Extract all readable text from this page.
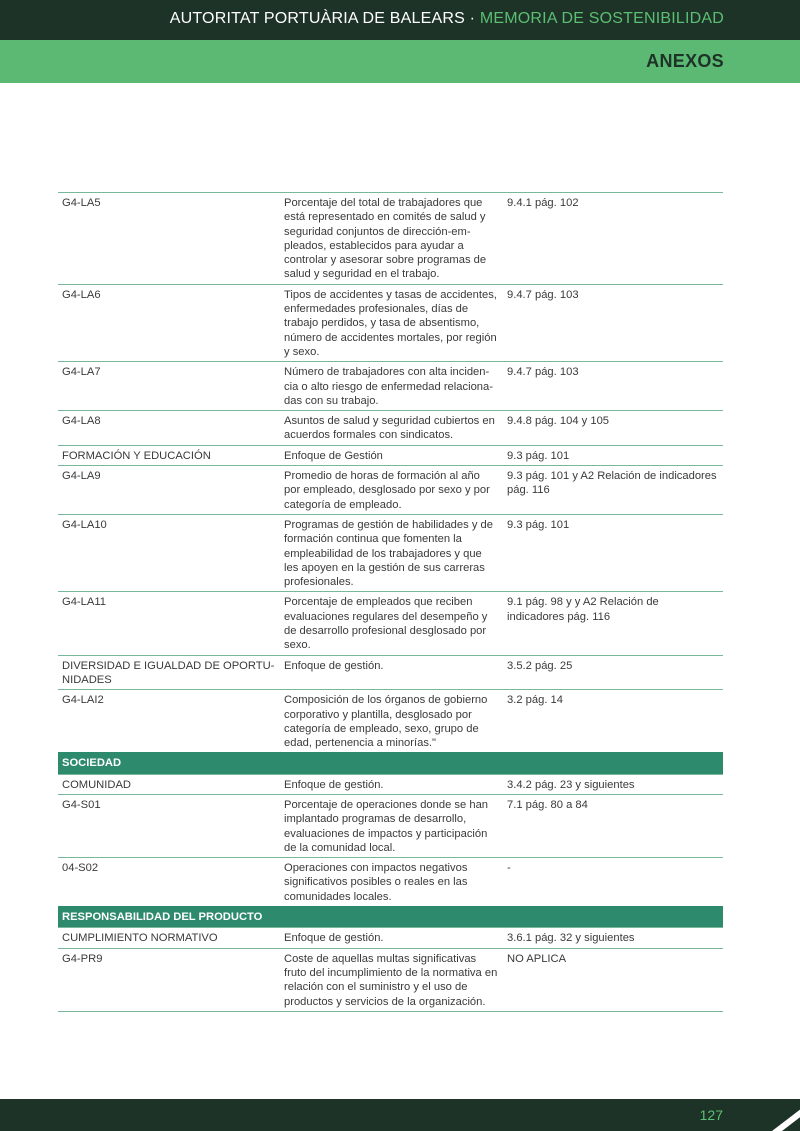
AUTORITAT PORTUÀRIA DE BALEARS · MEMORIA DE SOSTENIBILIDAD
ANEXOS
G4-LA5	Porcentaje del total de trabajadores que está representado en comités de salud y seguridad conjuntos de dirección-empleados, establecidos para ayudar a controlar y asesorar sobre programas de salud y seguridad en el trabajo.	9.4.1 pág. 102
G4-LA6	Tipos de accidentes y tasas de accidentes, enfermedades profesionales, días de trabajo perdidos, y tasa de absentismo, número de accidentes mortales, por región y sexo.	9.4.7 pág. 103
G4-LA7	Número de trabajadores con alta incidencia o alto riesgo de enfermedad relacionadas con su trabajo.	9.4.7 pág. 103
G4-LA8	Asuntos de salud y seguridad cubiertos en acuerdos formales con sindicatos.	9.4.8 pág. 104 y 105
FORMACIÓN Y EDUCACIÓN	Enfoque de Gestión	9.3 pág. 101
G4-LA9	Promedio de horas de formación al año por empleado, desglosado por sexo y por categoría de empleado.	9.3 pág. 101 y A2 Relación de indicadores pág. 116
G4-LA10	Programas de gestión de habilidades y de formación continua que fomenten la empleabilidad de los trabajadores y que les apoyen en la gestión de sus carreras profesionales.	9.3 pág. 101
G4-LA11	Porcentaje de empleados que reciben evaluaciones regulares del desempeño y de desarrollo profesional desglosado por sexo.	9.1 pág. 98 y y A2 Relación de indicadores pág. 116
DIVERSIDAD E IGUALDAD DE OPORTUNIDADES	Enfoque de gestión.	3.5.2 pág. 25
G4-LAI2	Composición de los órganos de gobierno corporativo y plantilla, desglosado por categoría de empleado, sexo, grupo de edad, pertenencia a minorías."	3.2 pág. 14
SOCIEDAD		
COMUNIDAD	Enfoque de gestión.	3.4.2 pág. 23 y siguientes
G4-S01	Porcentaje de operaciones donde se han implantado programas de desarrollo, evaluaciones de impactos y participación de la comunidad local.	7.1 pág. 80 a 84
04-S02	Operaciones con impactos negativos significativos posibles o reales en las comunidades locales.	-
RESPONSABILIDAD DEL PRODUCTO		
CUMPLIMIENTO NORMATIVO	Enfoque de gestión.	3.6.1 pág. 32 y siguientes
G4-PR9	Coste de aquellas multas significativas fruto del incumplimiento de la normativa en relación con el suministro y el uso de productos y servicios de la organización.	NO APLICA
127
